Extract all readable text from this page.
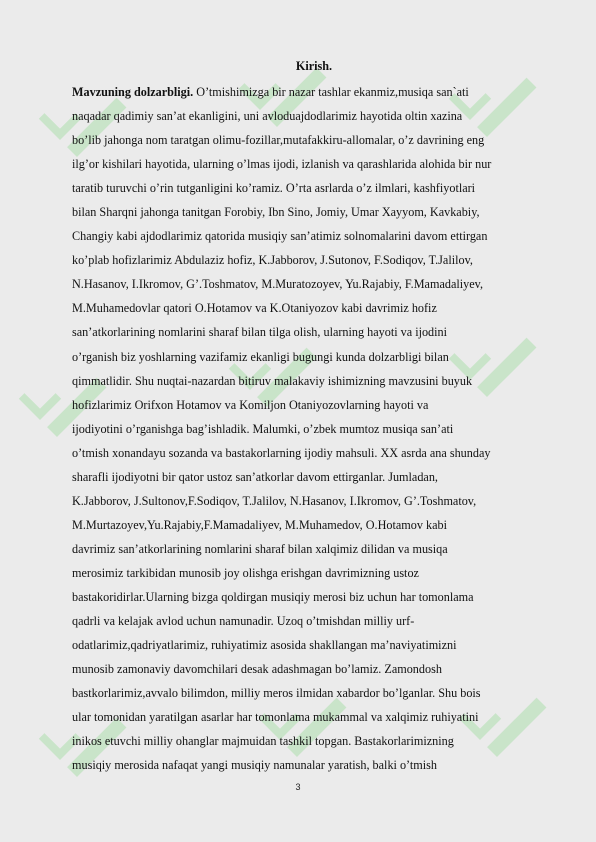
Kirish.

Mavzuning dolzarbligi. O’tmishimizga bir nazar tashlar ekanmiz,musiqa san`ati

naqadar qadimiy san’at ekanligini, uni avloduajdodlarimiz hayotida oltin xazina

bo’lib jahonga nom taratgan olimu-fozillar,mutafakkiru-allomalar, o’z davrining eng

ilg’or kishilari hayotida, ularning o’lmas ijodi, izlanish va qarashlarida alohida bir nur

taratib turuvchi o’rin tutganligini ko’ramiz. O’rta asrlarda o’z ilmlari, kashfiyotlari

bilan Sharqni jahonga tanitgan Forobiy, Ibn Sino, Jomiy, Umar Xayyom, Kavkabiy,

Changiy kabi ajdodlarimiz qatorida musiqiy san’atimiz solnomalarini davom ettirgan

ko’plab hofizlarimiz Abdulaziz hofiz, K.Jabborov, J.Sutonov, F.Sodiqov, T.Jalilov,

N.Hasanov, I.Ikromov, G’.Toshmatov, M.Muratozoyev, Yu.Rajabiy, F.Mamadaliyev,

M.Muhamedovlar qatori O.Hotamov va K.Otaniyozov kabi davrimiz hofiz

san’atkorlarining nomlarini sharaf bilan tilga olish, ularning hayoti va ijodini

o’rganish biz yoshlarning vazifamiz ekanligi bugungi kunda dolzarbligi bilan

qimmatlidir. Shu nuqtai-nazardan bitiruv malakaviy ishimizning mavzusini buyuk

hofizlarimiz Orifxon Hotamov va Komiljon Otaniyozovlarning hayoti va

ijodiyotini o’rganishga bag’ishladik. Malumki, o’zbek mumtoz musiqa san’ati

o’tmish xonandayu sozanda va bastakorlarning ijodiy mahsuli. XX asrda ana shunday

sharafli ijodiyotni bir qator ustoz san’atkorlar davom ettirganlar. Jumladan,

K.Jabborov, J.Sultonov,F.Sodiqov, T.Jalilov, N.Hasanov, I.Ikromov, G’.Toshmatov,

M.Murtazoyev,Yu.Rajabiy,F.Mamadaliyev, M.Muhamedov, O.Hotamov kabi

davrimiz san’atkorlarining nomlarini sharaf bilan xalqimiz dilidan va musiqa

merosimiz tarkibidan munosib joy olishga erishgan davrimizning ustoz

bastakoridirlar.Ularning bizga qoldirgan musiqiy merosi biz uchun har tomonlama

qadrli va kelajak avlod uchun namunadir. Uzoq o’tmishdan milliy urf-

odatlarimiz,qadriyatlarimiz, ruhiyatimiz asosida shakllangan ma’naviyatimizni

munosib zamonaviy davomchilari desak adashmagan bo’lamiz. Zamondosh

bastkorlarimiz,avvalo bilimdon, milliy meros ilmidan xabardor bo’lganlar. Shu bois

ular tomonidan yaratilgan asarlar har tomonlama mukammal va xalqimiz ruhiyatini

inikos etuvchi milliy ohanglar majmuidan tashkil topgan. Bastakorlarimizning

musiqiy merosida nafaqat yangi musiqiy namunalar yaratish, balki o’tmish

3
